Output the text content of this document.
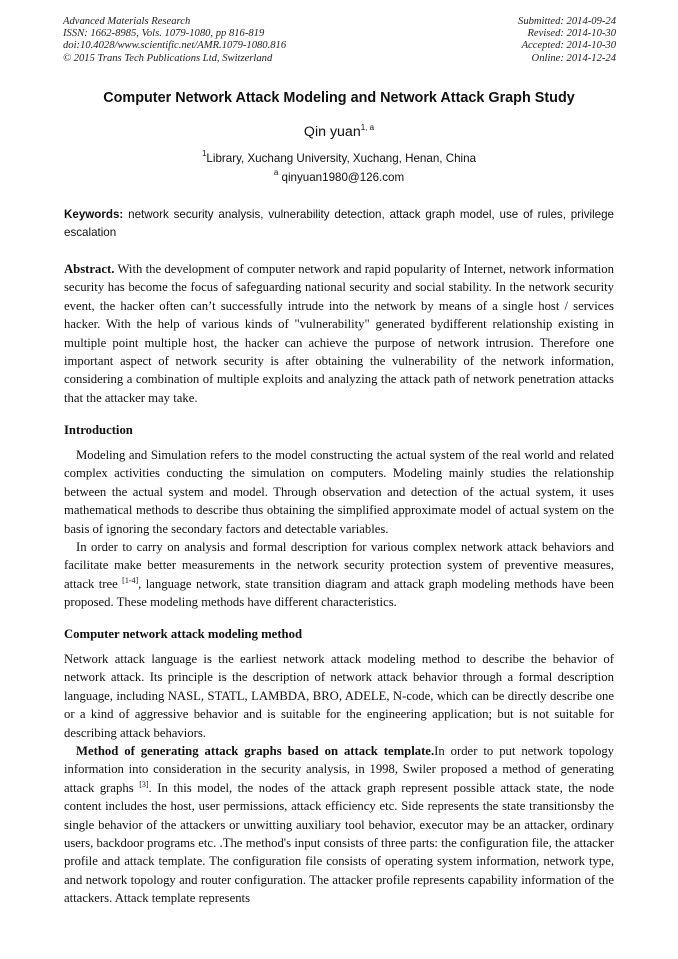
Advanced Materials Research
ISSN: 1662-8985, Vols. 1079-1080, pp 816-819
doi:10.4028/www.scientific.net/AMR.1079-1080.816
© 2015 Trans Tech Publications Ltd, Switzerland
Submitted: 2014-09-24
Revised: 2014-10-30
Accepted: 2014-10-30
Online: 2014-12-24
Computer Network Attack Modeling and Network Attack Graph Study
Qin yuan$^{1, a}$
$^1$Library, Xuchang University, Xuchang, Henan, China
$^a$ qinyuan1980@126.com
Keywords: network security analysis, vulnerability detection, attack graph model, use of rules, privilege escalation

Abstract. With the development of computer network and rapid popularity of Internet, network information security has become the focus of safeguarding national security and social stability. In the network security event, the hacker often can’t successfully intrude into the network by means of a single host / services hacker. With the help of various kinds of "vulnerability" generated bydifferent relationship existing in multiple point multiple host, the hacker can achieve the purpose of network intrusion. Therefore one important aspect of network security is after obtaining the vulnerability of the network information, considering a combination of multiple exploits and analyzing the attack path of network penetration attacks that the attacker may take.

Introduction

Modeling and Simulation refers to the model constructing the actual system of the real world and related complex activities conducting the simulation on computers. Modeling mainly studies the relationship between the actual system and model. Through observation and detection of the actual system, it uses mathematical methods to describe thus obtaining the simplified approximate model of actual system on the basis of ignoring the secondary factors and detectable variables.

In order to carry on analysis and formal description for various complex network attack behaviors and facilitate make better measurements in the network security protection system of preventive measures, attack tree [1-4], language network, state transition diagram and attack graph modeling methods have been proposed. These modeling methods have different characteristics.

Computer network attack modeling method

Network attack language is the earliest network attack modeling method to describe the behavior of network attack. Its principle is the description of network attack behavior through a formal description language, including NASL, STATL, LAMBDA, BRO, ADELE, N-code, which can be directly describe one or a kind of aggressive behavior and is suitable for the engineering application; but is not suitable for describing attack behaviors.

Method of generating attack graphs based on attack template.In order to put network topology information into consideration in the security analysis, in 1998, Swiler proposed a method of generating attack graphs [3]. In this model, the nodes of the attack graph represent possible attack state, the node content includes the host, user permissions, attack efficiency etc. Side represents the state transitionsby the single behavior of the attackers or unwitting auxiliary tool behavior, executor may be an attacker, ordinary users, backdoor programs etc. .The method's input consists of three parts: the configuration file, the attacker profile and attack template. The configuration file consists of operating system information, network type, and network topology and router configuration. The attacker profile represents capability information of the attackers. Attack template represents
